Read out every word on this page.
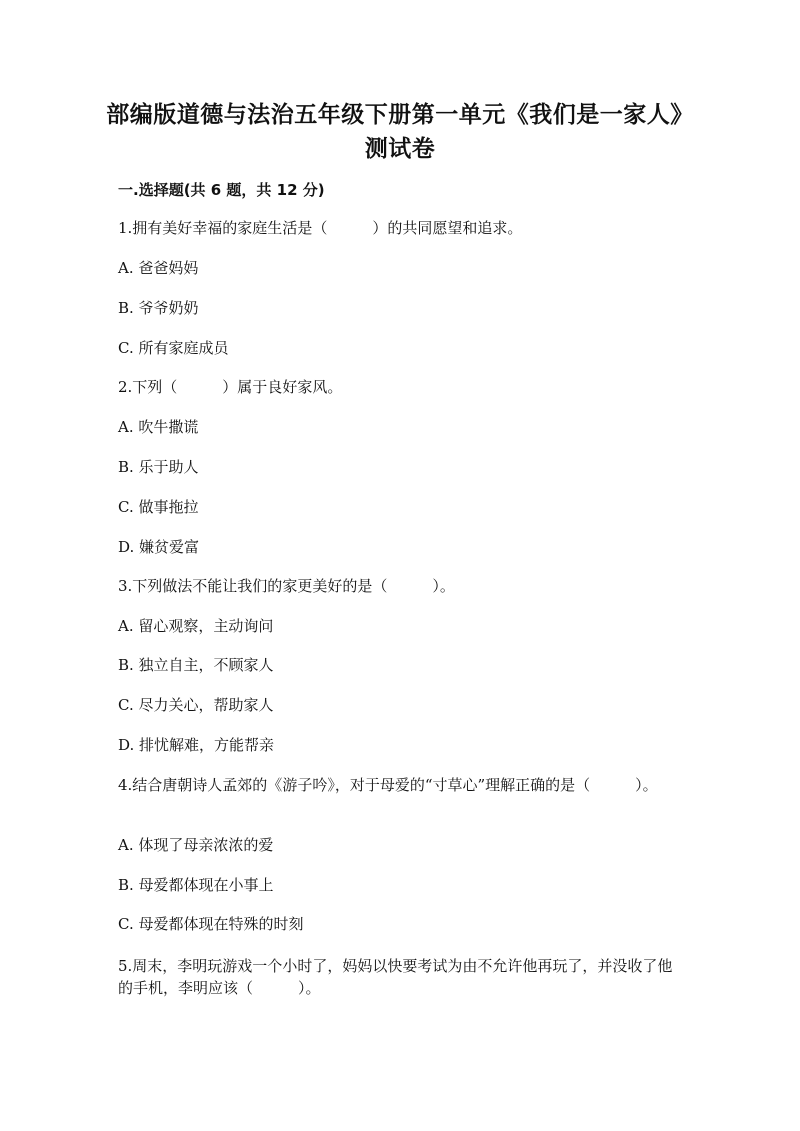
部编版道德与法治五年级下册第一单元《我们是一家人》测试卷
一.选择题(共 6 题，共 12 分)
1.拥有美好幸福的家庭生活是（　　　）的共同愿望和追求。
A. 爸爸妈妈
B. 爷爷奶奶
C. 所有家庭成员
2.下列（　　　）属于良好家风。
A. 吹牛撒谎
B. 乐于助人
C. 做事拖拉
D. 嫌贫爱富
3.下列做法不能让我们的家更美好的是（　　　）。
A. 留心观察，主动询问
B. 独立自主，不顾家人
C. 尽力关心，帮助家人
D. 排忧解难，方能帮亲
4.结合唐朝诗人孟郊的《游子吟》，对于母爱的“寸草心”理解正确的是（　　　）。
A. 体现了母亲浓浓的爱
B. 母爱都体现在小事上
C. 母爱都体现在特殊的时刻
5.周末，李明玩游戏一个小时了，妈妈以快要考试为由不允许他再玩了，并没收了他的手机，李明应该（　　　）。
